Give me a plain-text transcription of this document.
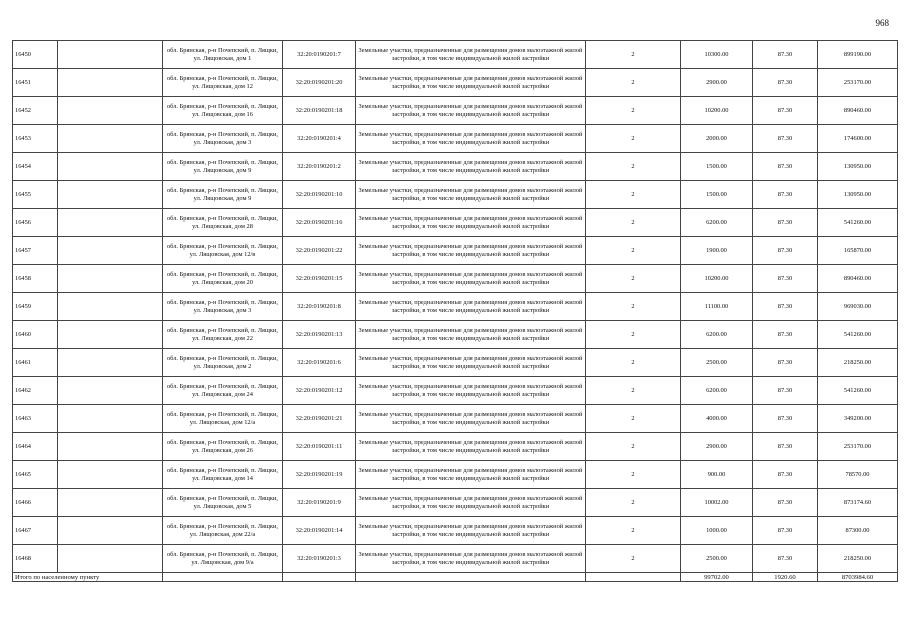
968
16450		обл. Брянская, р-н Почепский, п. Лящки, ул. Лящовская, дом 1	32:20:0190201:7	Земельные участки, предназначенные для размещения домов малоэтажной жилой застройки, в том числе индивидуальной жилой застройки	2	10300.00	87.30	899190.00
16451		обл. Брянская, р-н Почепский, п. Лящки, ул. Лящовская, дом 12	32:20:0190201:20	Земельные участки, предназначенные для размещения домов малоэтажной жилой застройки, в том числе индивидуальной жилой застройки	2	2900.00	87.30	253170.00
16452		обл. Брянская, р-н Почепский, п. Лящки, ул. Лящовская, дом 16	32:20:0190201:18	Земельные участки, предназначенные для размещения домов малоэтажной жилой застройки, в том числе индивидуальной жилой застройки	2	10200.00	87.30	890460.00
16453		обл. Брянская, р-н Почепский, п. Лящки, ул. Лящовская, дом 3	32:20:0190201:4	Земельные участки, предназначенные для размещения домов малоэтажной жилой застройки, в том числе индивидуальной жилой застройки	2	2000.00	87.30	174600.00
16454		обл. Брянская, р-н Почепский, п. Лящки, ул. Лящовская, дом 9	32:20:0190201:2	Земельные участки, предназначенные для размещения домов малоэтажной жилой застройки, в том числе индивидуальной жилой застройки	2	1500.00	87.30	130950.00
16455		обл. Брянская, р-н Почепский, п. Лящки, ул. Лящовская, дом 9	32:20:0190201:10	Земельные участки, предназначенные для размещения домов малоэтажной жилой застройки, в том числе индивидуальной жилой застройки	2	1500.00	87.30	130950.00
16456		обл. Брянская, р-н Почепский, п. Лящки, ул. Лящовская, дом 28	32:20:0190201:16	Земельные участки, предназначенные для размещения домов малоэтажной жилой застройки, в том числе индивидуальной жилой застройки	2	6200.00	87.30	541260.00
16457		обл. Брянская, р-н Почепский, п. Лящки, ул. Лящовская, дом 12/в	32:20:0190201:22	Земельные участки, предназначенные для размещения домов малоэтажной жилой застройки, в том числе индивидуальной жилой застройки	2	1900.00	87.30	165870.00
16458		обл. Брянская, р-н Почепский, п. Лящки, ул. Лящовская, дом 20	32:20:0190201:15	Земельные участки, предназначенные для размещения домов малоэтажной жилой застройки, в том числе индивидуальной жилой застройки	2	10200.00	87.30	890460.00
16459		обл. Брянская, р-н Почепский, п. Лящки, ул. Лящовская, дом 3	32:20:0190201:8	Земельные участки, предназначенные для размещения домов малоэтажной жилой застройки, в том числе индивидуальной жилой застройки	2	11100.00	87.30	969030.00
16460		обл. Брянская, р-н Почепский, п. Лящки, ул. Лящовская, дом 22	32:20:0190201:13	Земельные участки, предназначенные для размещения домов малоэтажной жилой застройки, в том числе индивидуальной жилой застройки	2	6200.00	87.30	541260.00
16461		обл. Брянская, р-н Почепский, п. Лящки, ул. Лящовская, дом 2	32:20:0190201:6	Земельные участки, предназначенные для размещения домов малоэтажной жилой застройки, в том числе индивидуальной жилой застройки	2	2500.00	87.30	218250.00
16462		обл. Брянская, р-н Почепский, п. Лящки, ул. Лящовская, дом 24	32:20:0190201:12	Земельные участки, предназначенные для размещения домов малоэтажной жилой застройки, в том числе индивидуальной жилой застройки	2	6200.00	87.30	541260.00
16463		обл. Брянская, р-н Почепский, п. Лящки, ул. Лящовская, дом 12/а	32:20:0190201:21	Земельные участки, предназначенные для размещения домов малоэтажной жилой застройки, в том числе индивидуальной жилой застройки	2	4000.00	87.30	349200.00
16464		обл. Брянская, р-н Почепский, п. Лящки, ул. Лящовская, дом 26	32:20:0190201:11	Земельные участки, предназначенные для размещения домов малоэтажной жилой застройки, в том числе индивидуальной жилой застройки	2	2900.00	87.30	253170.00
16465		обл. Брянская, р-н Почепский, п. Лящки, ул. Лящовская, дом 14	32:20:0190201:19	Земельные участки, предназначенные для размещения домов малоэтажной жилой застройки, в том числе индивидуальной жилой застройки	2	900.00	87.30	78570.00
16466		обл. Брянская, р-н Почепский, п. Лящки, ул. Лящовская, дом 5	32:20:0190201:9	Земельные участки, предназначенные для размещения домов малоэтажной жилой застройки, в том числе индивидуальной жилой застройки	2	10002.00	87.30	873174.60
16467		обл. Брянская, р-н Почепский, п. Лящки, ул. Лящовская, дом 22/а	32:20:0190201:14	Земельные участки, предназначенные для размещения домов малоэтажной жилой застройки, в том числе индивидуальной жилой застройки	2	1000.00	87.30	87300.00
16468		обл. Брянская, р-н Почепский, п. Лящки, ул. Лящовская, дом 9/а	32:20:0190201:3	Земельные участки, предназначенные для размещения домов малоэтажной жилой застройки, в том числе индивидуальной жилой застройки	2	2500.00	87.30	218250.00
Итого по населенному пункту						99702.00	1920.60	8703984.60
